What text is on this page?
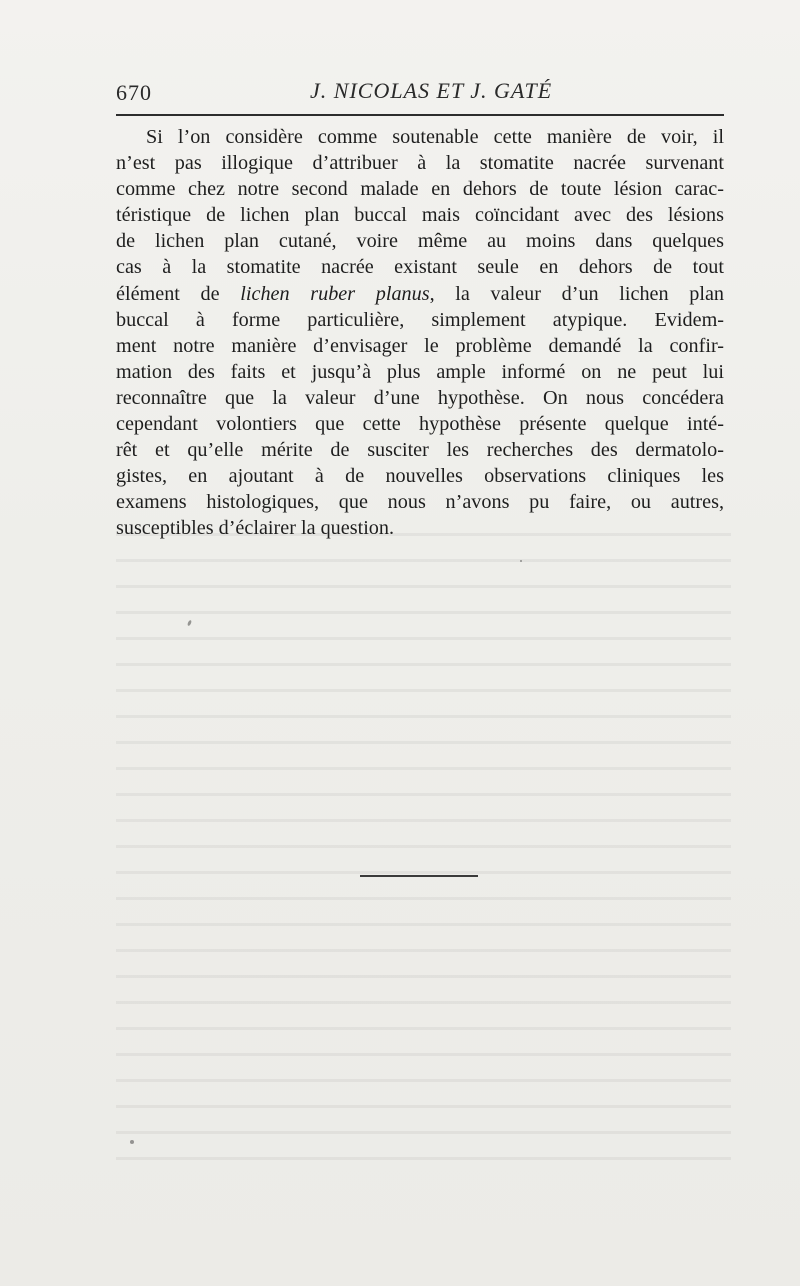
670	J. NICOLAS ET J. GATÉ
Si l’on considère comme soutenable cette manière de voir, il
n’est pas illogique d’attribuer à la stomatite nacrée survenant
comme chez notre second malade en dehors de toute lésion carac-
téristique de lichen plan buccal mais coïncidant avec des lésions
de lichen plan cutané, voire même au moins dans quelques
cas à la stomatite nacrée existant seule en dehors de tout
élément de lichen ruber planus, la valeur d’un lichen plan
buccal à forme particulière, simplement atypique. Evidem-
ment notre manière d’envisager le problème demandé la confir-
mation des faits et jusqu’à plus ample informé on ne peut lui
reconnaître que la valeur d’une hypothèse. On nous concédera
cependant volontiers que cette hypothèse présente quelque inté-
rêt et qu’elle mérite de susciter les recherches des dermatolo-
gistes, en ajoutant à de nouvelles observations cliniques les
examens histologiques, que nous n’avons pu faire, ou autres,
susceptibles d’éclairer la question.
